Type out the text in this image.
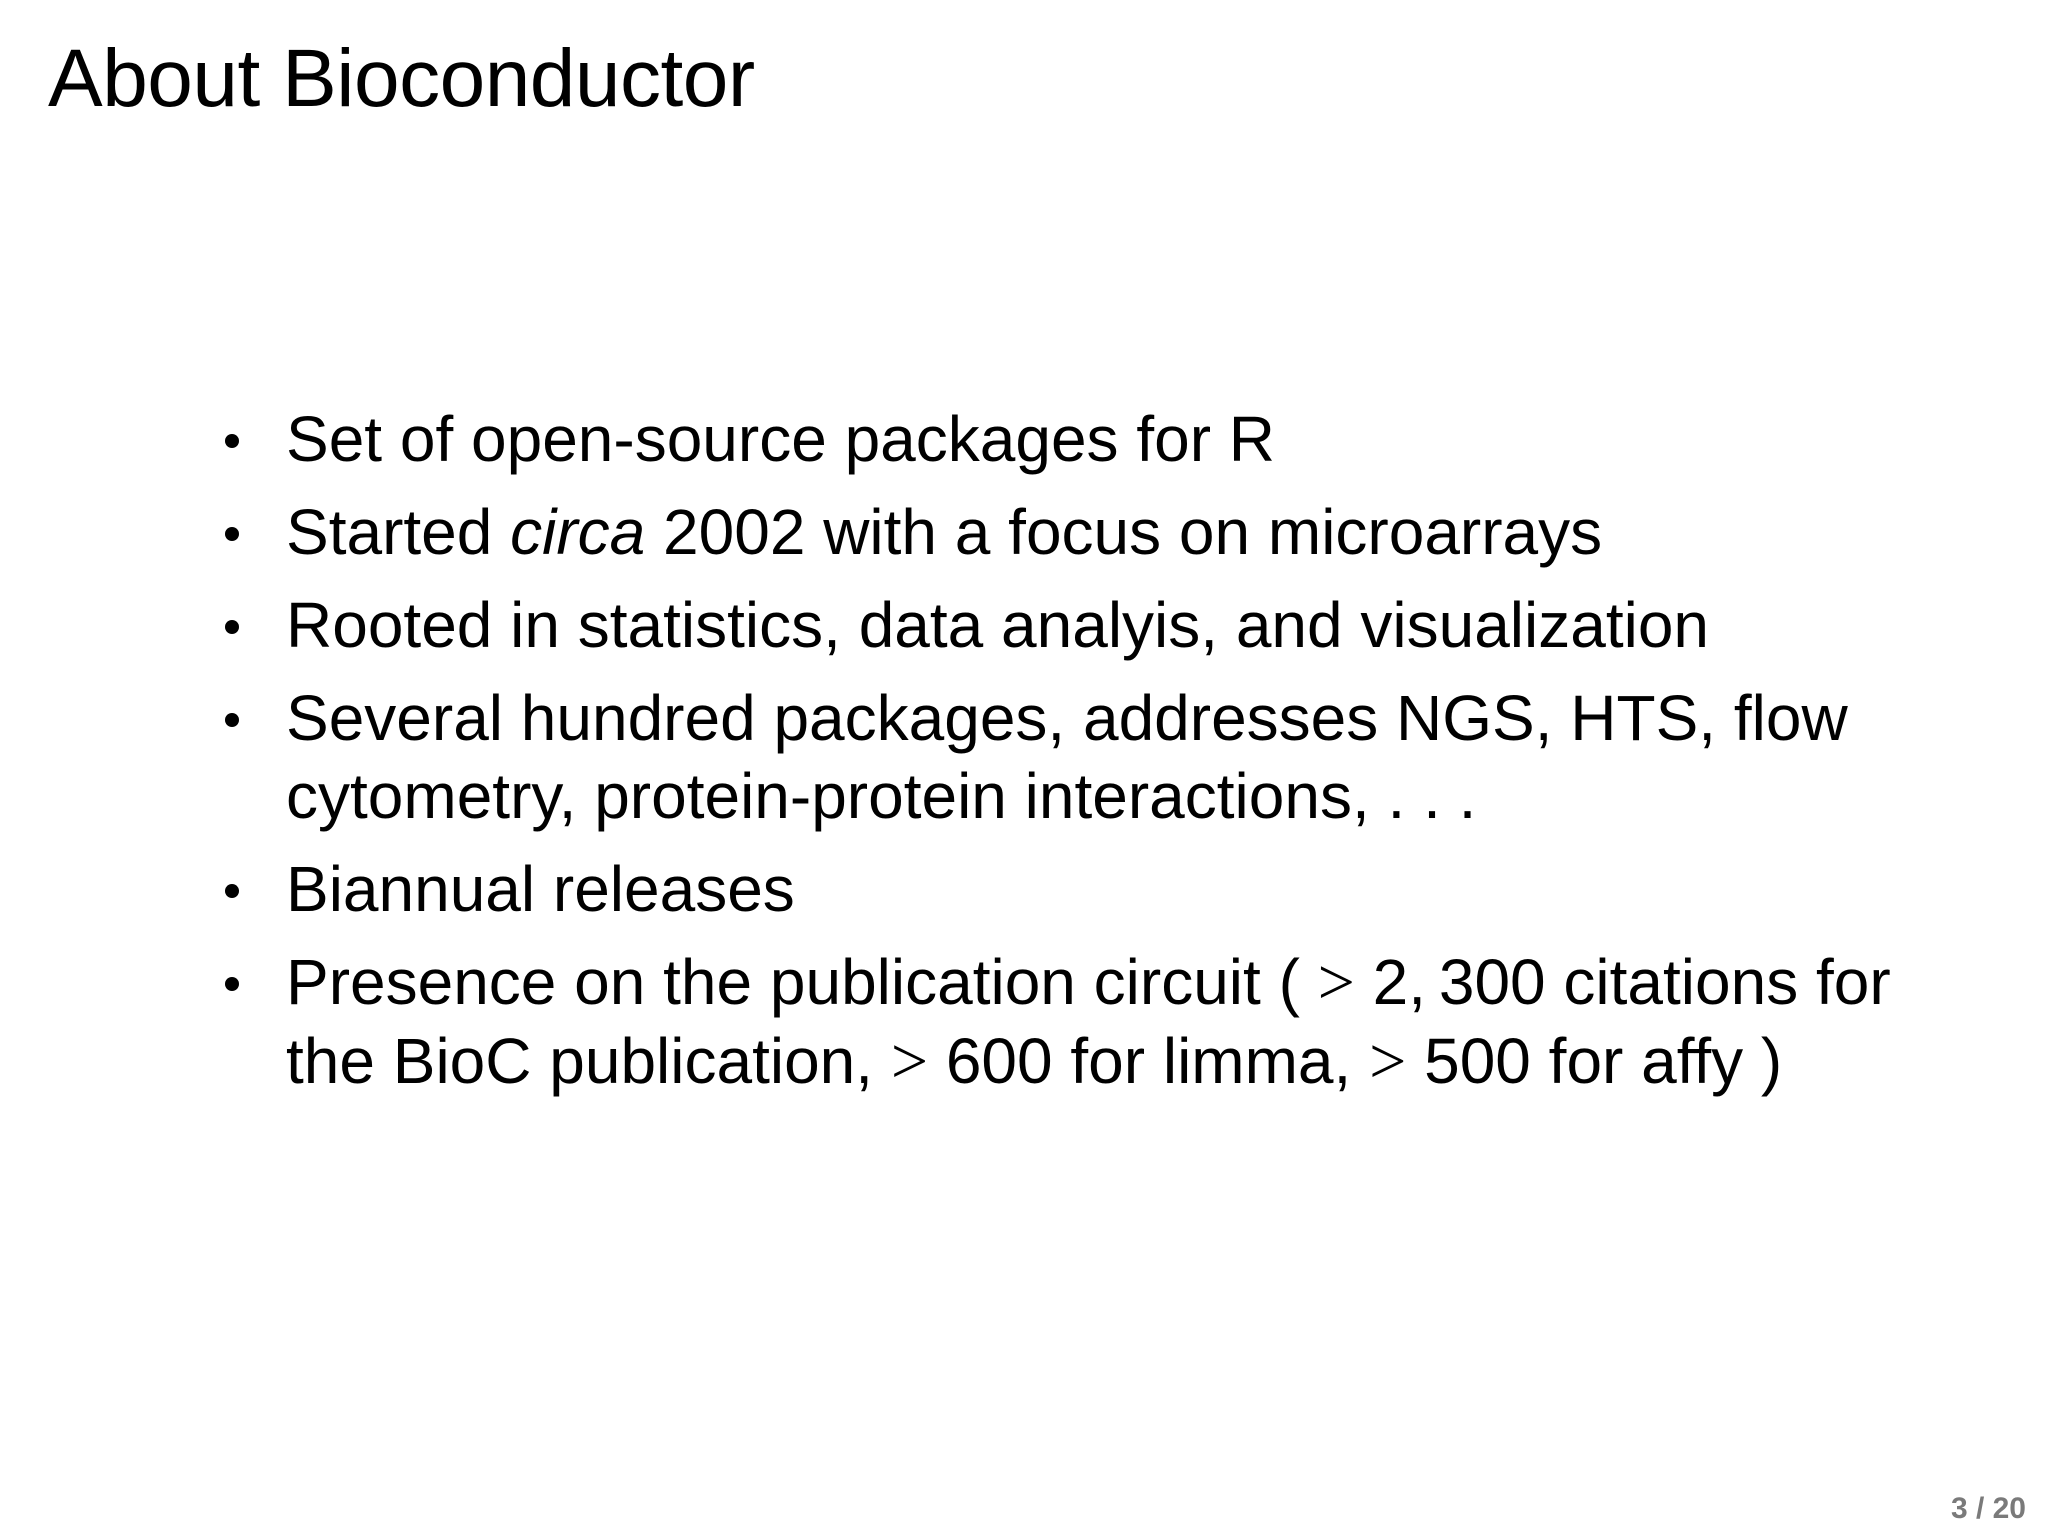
About Bioconductor
Set of open-source packages for R
Started circa 2002 with a focus on microarrays
Rooted in statistics, data analyis, and visualization
Several hundred packages, addresses NGS, HTS, flow cytometry, protein-protein interactions, . . .
Biannual releases
Presence on the publication circuit ( > 2, 300 citations for the BioC publication, > 600 for limma, > 500 for affy )
3 / 20
